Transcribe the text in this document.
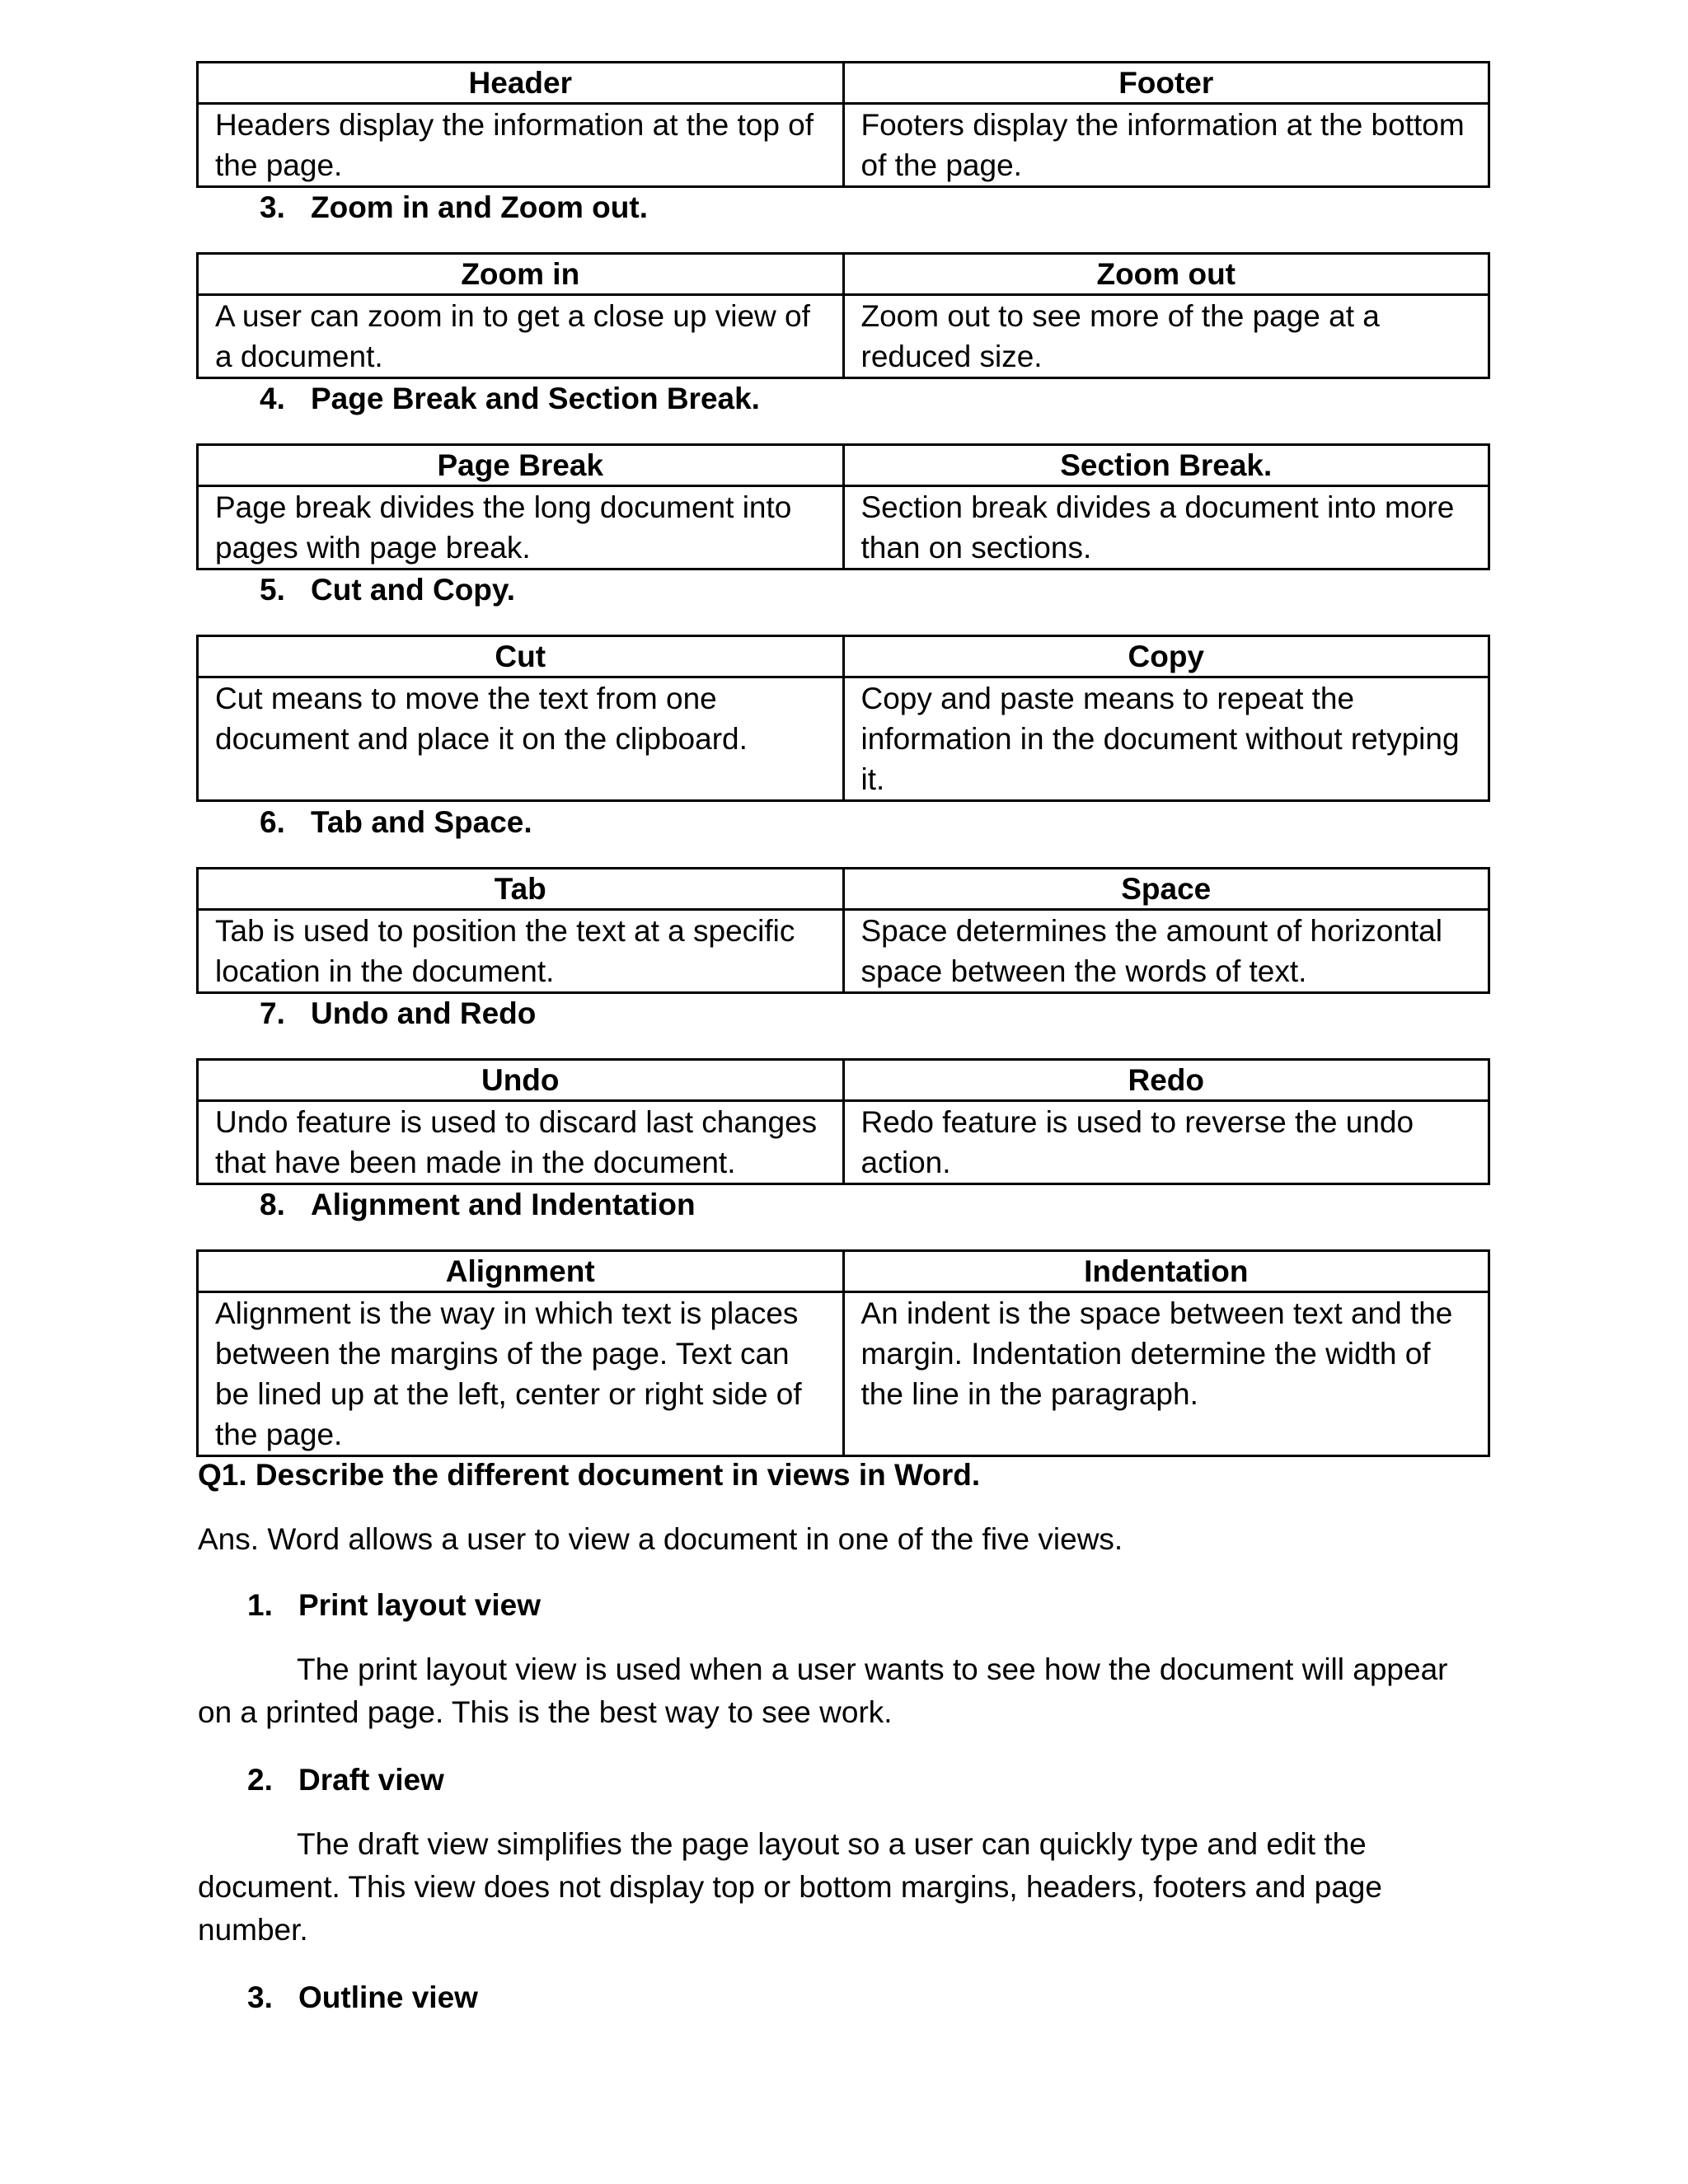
Header	Footer
Headers display the information at the top of the page.	Footers display the information at the bottom of the page.
3. Zoom in and Zoom out.
Zoom in	Zoom out
A user can zoom in to get a close up view of a document.	Zoom out to see more of the page at a reduced size.
4. Page Break and Section Break.
Page Break	Section Break.
Page break divides the long document into pages with page break.	Section break divides a document into more than on sections.
5. Cut and Copy.
Cut	Copy
Cut means to move the text from one document and place it on the clipboard.	Copy and paste means to repeat the information in the document without retyping it.
6. Tab and Space.
Tab	Space
Tab is used to position the text at a specific location in the document.	Space determines the amount of horizontal space between the words of text.
7. Undo and Redo
Undo	Redo
Undo feature is used to discard last changes that have been made in the document.	Redo feature is used to reverse the undo action.
8. Alignment and Indentation
Alignment	Indentation
Alignment is the way in which text is places between the margins of the page. Text can be lined up at the left, center or right side of the page.	An indent is the space between text and the margin. Indentation determine the width of the line in the paragraph.
Q1. Describe the different document in views in Word.
Ans. Word allows a user to view a document in one of the five views.
1. Print layout view
The print layout view is used when a user wants to see how the document will appear on a printed page. This is the best way to see work.
2. Draft view
The draft view simplifies the page layout so a user can quickly type and edit the document. This view does not display top or bottom margins, headers, footers and page number.
3. Outline view
